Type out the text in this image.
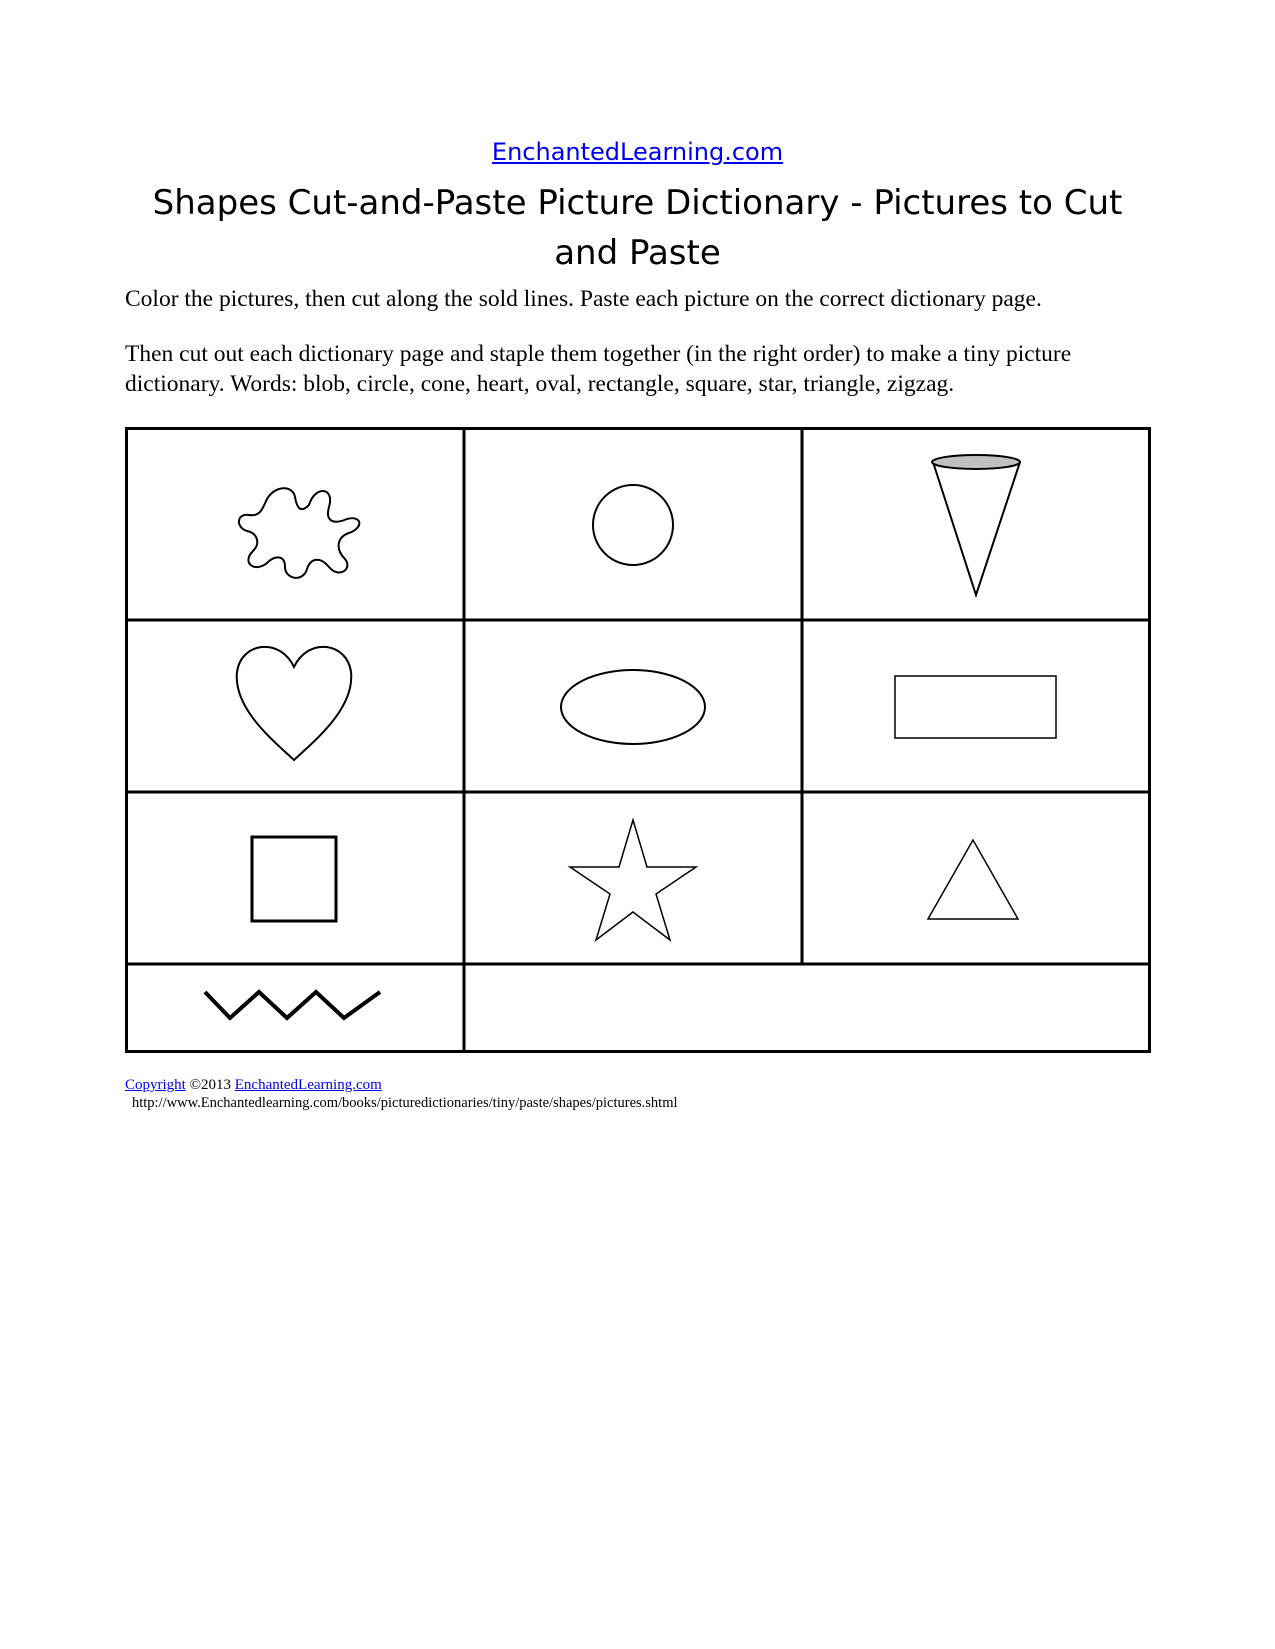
EnchantedLearning.com
Shapes Cut-and-Paste Picture Dictionary - Pictures to Cut and Paste

Color the pictures, then cut along the sold lines. Paste each picture on the correct dictionary page.

Then cut out each dictionary page and staple them together (in the right order) to make a tiny picture dictionary. Words: blob, circle, cone, heart, oval, rectangle, square, star, triangle, zigzag.

Copyright ©2013 EnchantedLearning.com
http://www.Enchantedlearning.com/books/picturedictionaries/tiny/paste/shapes/pictures.shtml
